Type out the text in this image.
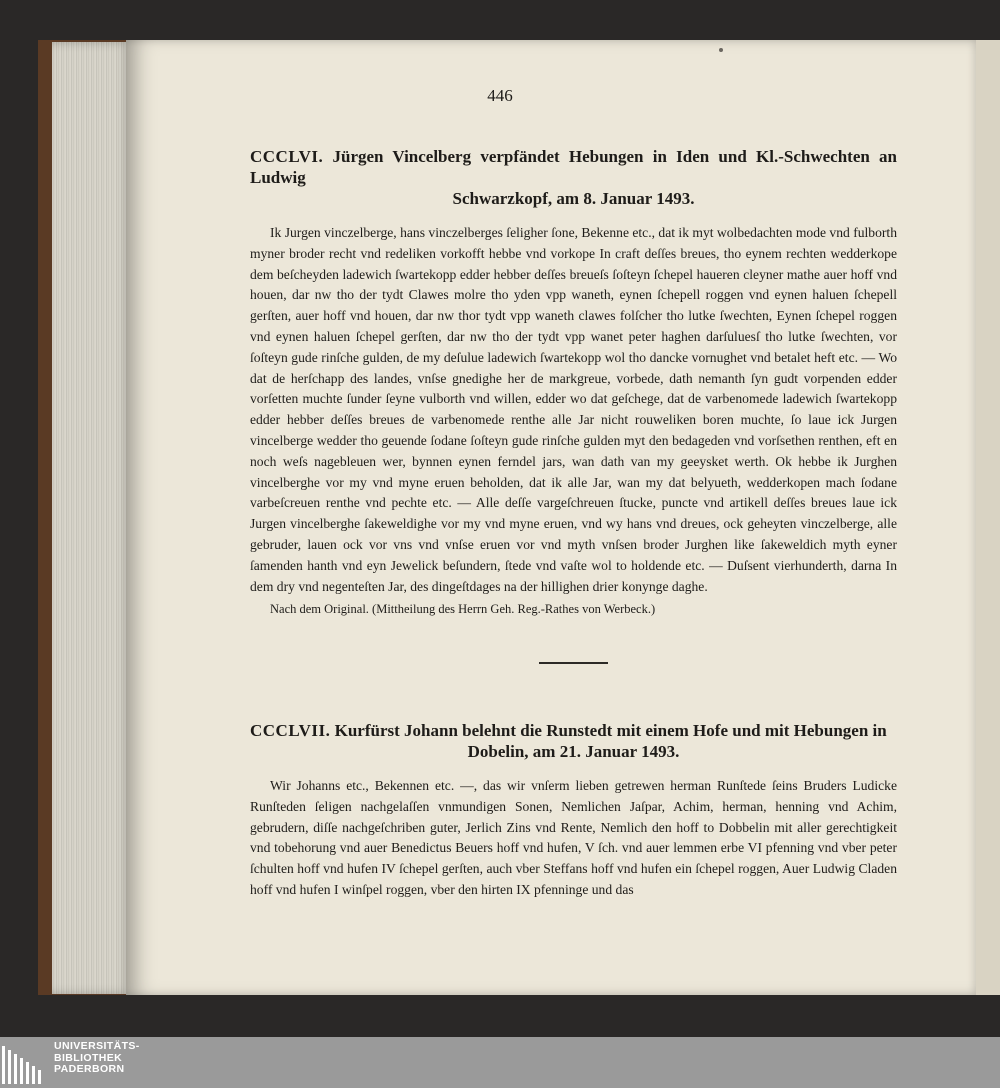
446
CCCLVI. Jürgen Vincelberg verpfändet Hebungen in Iden und Kl.-Schwechten an Ludwig
Schwarzkopf, am 8. Januar 1493.

Ik Jurgen vinczelberge, hans vinczelberges ſeligher ſone, Bekenne etc., dat ik myt wolbedachten mode vnd fulborth myner broder recht vnd redeliken vorkofft hebbe vnd vorkope In craft deſſes breues, tho eynem rechten wedderkope dem beſcheyden ladewich ſwartekopp edder hebber deſſes breueſs ſoſteyn ſchepel haueren cleyner mathe auer hoff vnd houen, dar nw tho der tydt Clawes molre tho yden vpp waneth, eynen ſchepell roggen vnd eynen haluen ſchepell gerſten, auer hoff vnd houen, dar nw thor tydt vpp waneth clawes folſcher tho lutke ſwechten, Eynen ſchepel roggen vnd eynen haluen ſchepel gerſten, dar nw tho der tydt vpp wanet peter haghen darſuluesſ tho lutke ſwechten, vor ſoſteyn gude rinſche gulden, de my deſulue ladewich ſwartekopp wol tho dancke vornughet vnd betalet heft etc. — Wo dat de herſchapp des landes, vnſse gnedighe her de markgreue, vorbede, dath nemanth ſyn gudt vorpenden edder vorſetten muchte ſunder ſeyne vulborth vnd willen, edder wo dat geſchege, dat de varbenomede ladewich ſwartekopp edder hebber deſſes breues de varbenomede renthe alle Jar nicht rouweliken boren muchte, ſo laue ick Jurgen vincelberge wedder tho geuende ſodane ſoſteyn gude rinſche gulden myt den bedageden vnd vorſsethen renthen, eft en noch weſs nagebleuen wer, bynnen eynen ferndel jars, wan dath van my geeysket werth. Ok hebbe ik Jurghen vincelberghe vor my vnd myne eruen beholden, dat ik alle Jar, wan my dat belyueth, wedderkopen mach ſodane varbeſcreuen renthe vnd pechte etc. — Alle deſſe vargeſchreuen ſtucke, puncte vnd artikell deſſes breues laue ick Jurgen vincelberghe ſakeweldighe vor my vnd myne eruen, vnd wy hans vnd dreues, ock geheyten vinczelberge, alle gebruder, lauen ock vor vns vnd vnſse eruen vor vnd myth vnſsen broder Jurghen like ſakeweldich myth eyner ſamenden hanth vnd eyn Jewelick beſundern, ſtede vnd vaſte wol to holdende etc. — Duſsent vierhunderth, darna In dem dry vnd negenteſten Jar, des dingeſtdages na der hillighen drier konynge daghe.

Nach dem Original. (Mittheilung des Herrn Geh. Reg.-Rathes von Werbeck.)

CCCLVII. Kurfürst Johann belehnt die Runstedt mit einem Hofe und mit Hebungen in
Dobelin, am 21. Januar 1493.

Wir Johanns etc., Bekennen etc. —, das wir vnſerm lieben getrewen herman Runſtede ſeins Bruders Ludicke Runſteden ſeligen nachgelaſſen vnmundigen Sonen, Nemlichen Jaſpar, Achim, herman, henning vnd Achim, gebrudern, diſſe nachgeſchriben guter, Jerlich Zins vnd Rente, Nemlich den hoff to Dobbelin mit aller gerechtigkeit vnd tobehorung vnd auer Benedictus Beuers hoff vnd hufen, V ſch. vnd auer lemmen erbe VI pfenning vnd vber peter ſchulten hoff vnd hufen IV ſchepel gerſten, auch vber Steffans hoff vnd hufen ein ſchepel roggen, Auer Ludwig Claden hoff vnd hufen I winſpel roggen, vber den hirten IX pfenninge und das

UNIVERSITÄTS-
BIBLIOTHEK
PADERBORN
